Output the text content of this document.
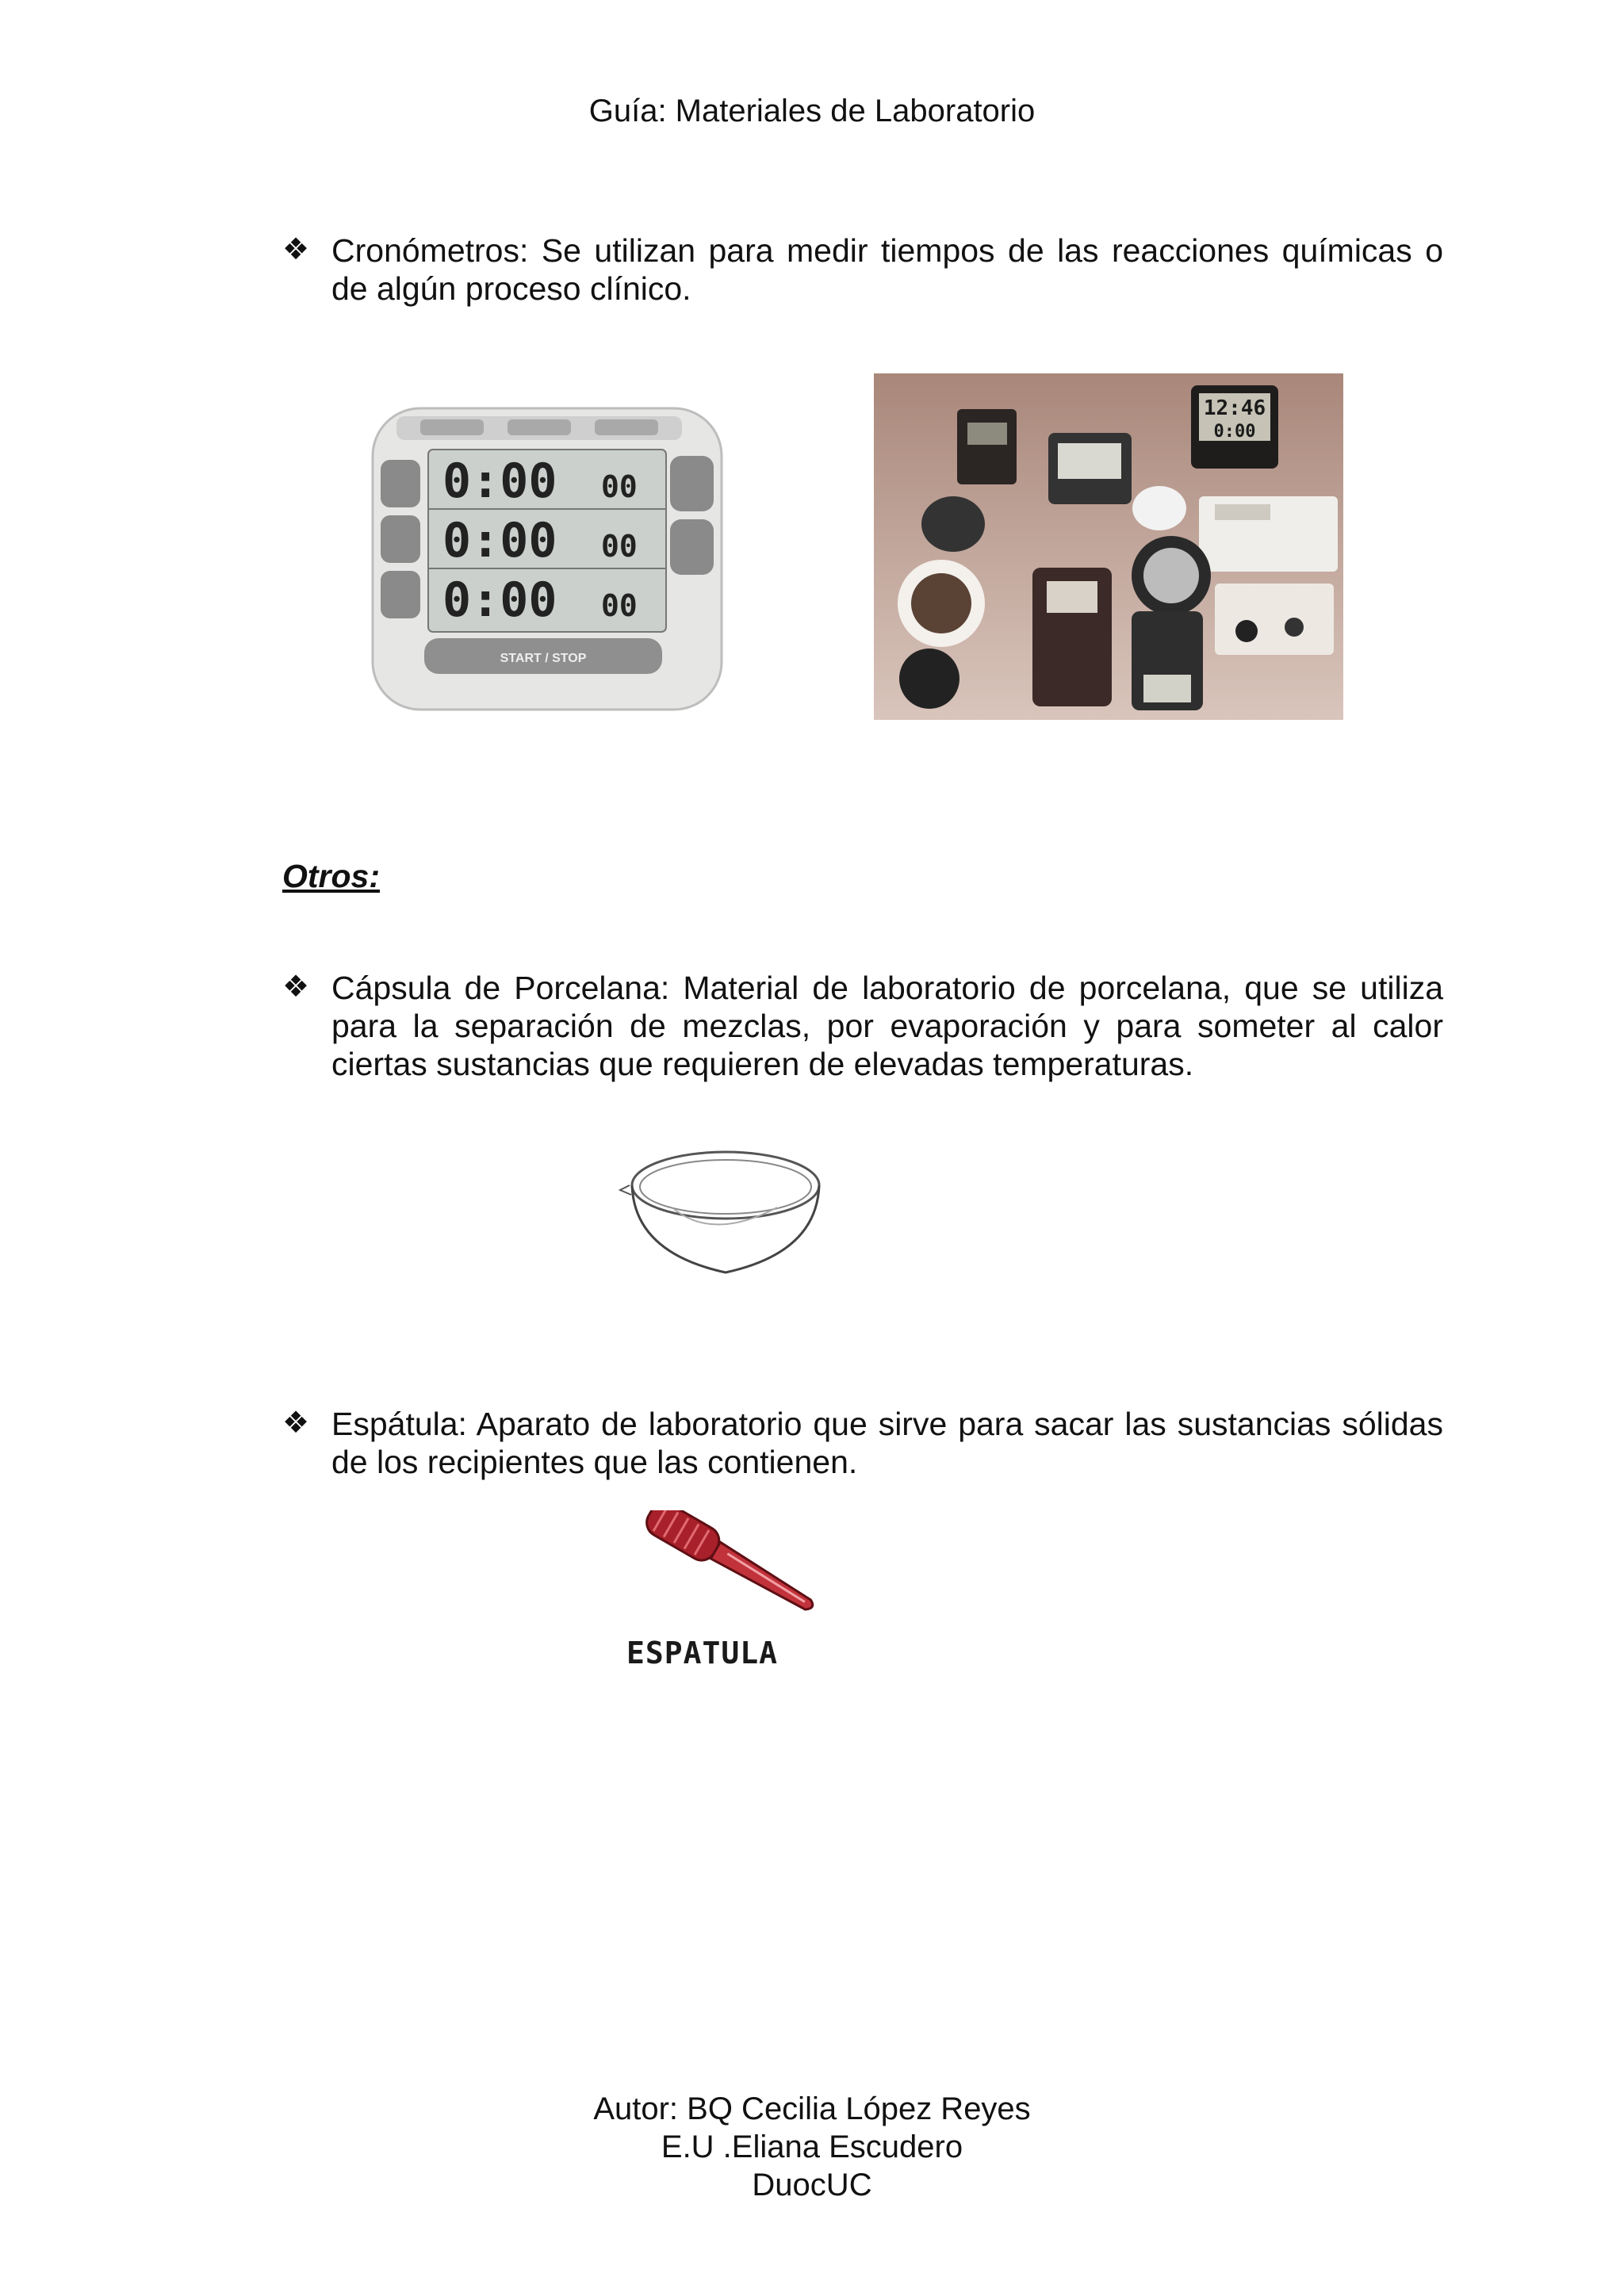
Guía: Materiales de Laboratorio
❖ Cronómetros: Se utilizan para medir tiempos de las reacciones químicas o de algún proceso clínico.
0:00 00
0:00 00
0:00 00
START / STOP
12:46
0:00
Otros:
❖ Cápsula de Porcelana: Material de laboratorio de porcelana, que se utiliza para la separación de mezclas, por evaporación y para someter al calor ciertas sustancias que requieren de elevadas temperaturas.
❖ Espátula: Aparato de laboratorio que sirve para sacar las sustancias sólidas de los recipientes que las contienen.
ESPATULA
Autor: BQ Cecilia López Reyes
E.U .Eliana Escudero
DuocUC
